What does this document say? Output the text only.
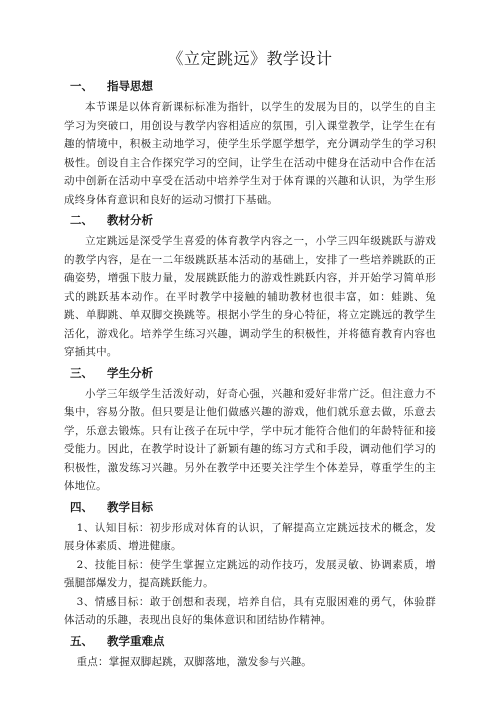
《立定跳远》教学设计
一、 指导思想

本节课是以体育新课标标准为指针，以学生的发展为目的，以学生的自主学习为突破口，用创设与教学内容相适应的氛围，引入课堂教学，让学生在有趣的情境中，积极主动地学习，使学生乐学愿学想学，充分调动学生的学习积极性。创设自主合作探究学习的空间，让学生在活动中健身在活动中合作在活动中创新在活动中享受在活动中培养学生对于体育课的兴趣和认识，为学生形成终身体育意识和良好的运动习惯打下基础。

二、 教材分析

立定跳远是深受学生喜爱的体育教学内容之一，小学三四年级跳跃与游戏的教学内容，是在一二年级跳跃基本活动的基础上，安排了一些培养跳跃的正确姿势，增强下肢力量，发展跳跃能力的游戏性跳跃内容，并开始学习简单形式的跳跃基本动作。在平时教学中接触的辅助教材也很丰富，如：蛙跳、兔跳、单脚跳、单双脚交换跳等。根据小学生的身心特征，将立定跳远的教学生活化，游戏化。培养学生练习兴趣，调动学生的积极性，并将德育教育内容也穿插其中。

三、 学生分析

小学三年级学生活泼好动，好奇心强，兴趣和爱好非常广泛。但注意力不集中，容易分散。但只要是让他们做感兴趣的游戏，他们就乐意去做，乐意去学，乐意去锻炼。只有让孩子在玩中学，学中玩才能符合他们的年龄特征和接受能力。因此，在教学时设计了新颖有趣的练习方式和手段，调动他们学习的积极性，激发练习兴趣。另外在教学中还要关注学生个体差异，尊重学生的主体地位。

四、 教学目标

1、认知目标：初步形成对体育的认识，了解提高立定跳远技术的概念，发展身体素质、增进健康。

2、技能目标：使学生掌握立定跳远的动作技巧，发展灵敏、协调素质，增强腿部爆发力，提高跳跃能力。

3、情感目标：敢于创想和表现，培养自信，具有克服困难的勇气，体验群体活动的乐趣，表现出良好的集体意识和团结协作精神。

五、 教学重难点

重点：掌握双脚起跳，双脚落地，激发参与兴趣。
